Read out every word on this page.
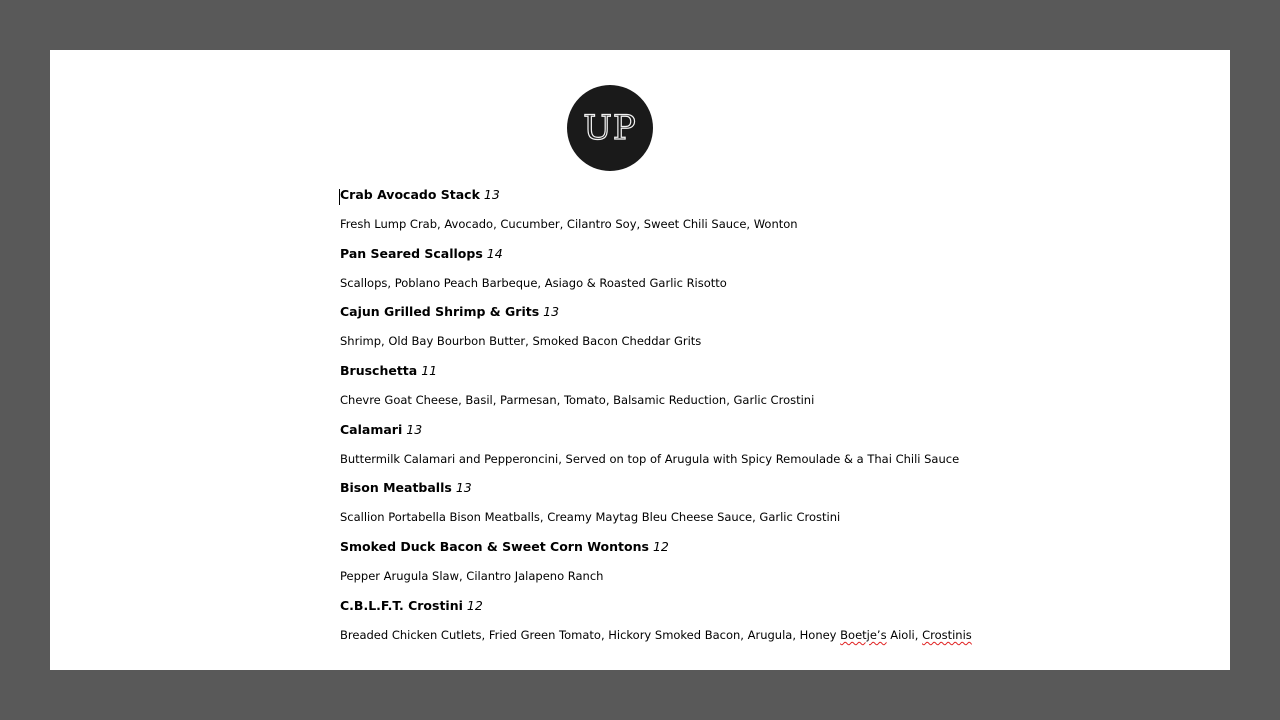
UP
Crab Avocado Stack 13
Fresh Lump Crab, Avocado, Cucumber, Cilantro Soy, Sweet Chili Sauce, Wonton
Pan Seared Scallops 14
Scallops, Poblano Peach Barbeque, Asiago & Roasted Garlic Risotto
Cajun Grilled Shrimp & Grits 13
Shrimp, Old Bay Bourbon Butter, Smoked Bacon Cheddar Grits
Bruschetta 11
Chevre Goat Cheese, Basil, Parmesan, Tomato, Balsamic Reduction, Garlic Crostini
Calamari 13
Buttermilk Calamari and Pepperoncini, Served on top of Arugula with Spicy Remoulade & a Thai Chili Sauce
Bison Meatballs 13
Scallion Portabella Bison Meatballs, Creamy Maytag Bleu Cheese Sauce, Garlic Crostini
Smoked Duck Bacon & Sweet Corn Wontons 12
Pepper Arugula Slaw, Cilantro Jalapeno Ranch
C.B.L.F.T. Crostini 12
Breaded Chicken Cutlets, Fried Green Tomato, Hickory Smoked Bacon, Arugula, Honey Boetje’s Aioli, Crostinis
